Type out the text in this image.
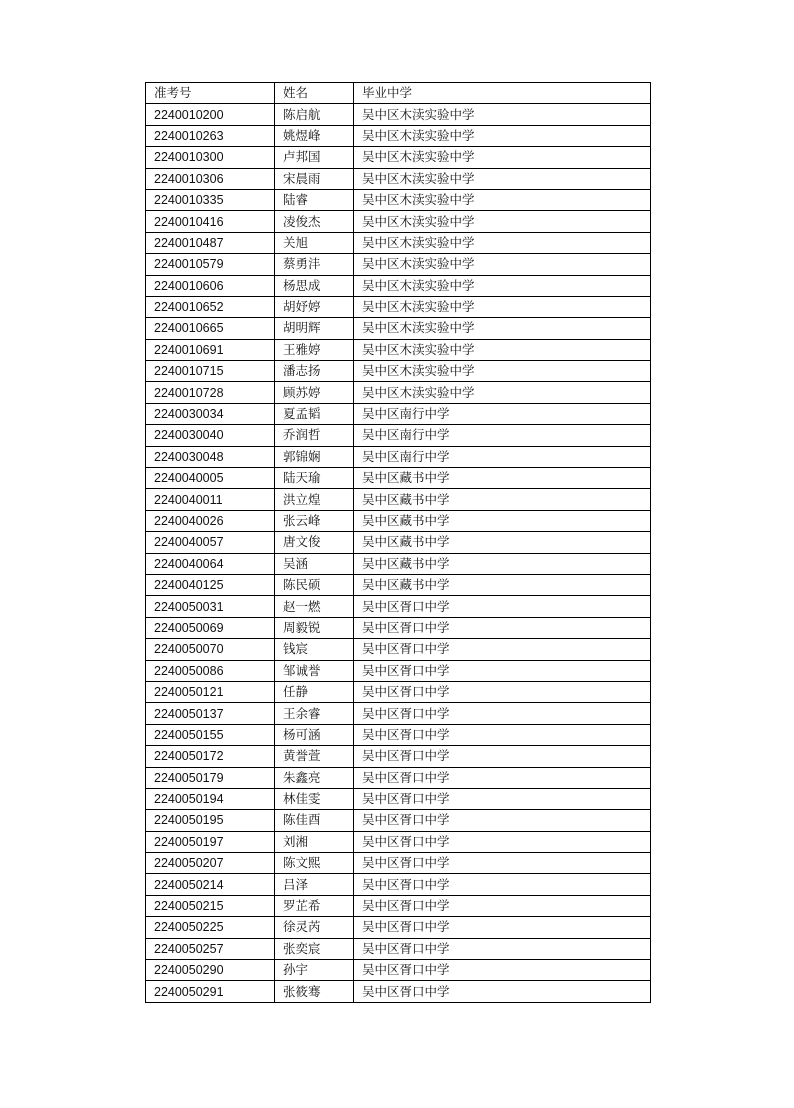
准考号	姓名	毕业中学
2240010200	陈启航	吴中区木渎实验中学
2240010263	姚煜峰	吴中区木渎实验中学
2240010300	卢邦国	吴中区木渎实验中学
2240010306	宋晨雨	吴中区木渎实验中学
2240010335	陆睿	吴中区木渎实验中学
2240010416	凌俊杰	吴中区木渎实验中学
2240010487	关旭	吴中区木渎实验中学
2240010579	蔡勇沣	吴中区木渎实验中学
2240010606	杨思成	吴中区木渎实验中学
2240010652	胡妤婷	吴中区木渎实验中学
2240010665	胡明辉	吴中区木渎实验中学
2240010691	王雅婷	吴中区木渎实验中学
2240010715	潘志扬	吴中区木渎实验中学
2240010728	顾苏婷	吴中区木渎实验中学
2240030034	夏孟韬	吴中区南行中学
2240030040	乔润哲	吴中区南行中学
2240030048	郭锦娴	吴中区南行中学
2240040005	陆天瑜	吴中区藏书中学
2240040011	洪立煌	吴中区藏书中学
2240040026	张云峰	吴中区藏书中学
2240040057	唐文俊	吴中区藏书中学
2240040064	吴涵	吴中区藏书中学
2240040125	陈民硕	吴中区藏书中学
2240050031	赵一燃	吴中区胥口中学
2240050069	周毅锐	吴中区胥口中学
2240050070	钱宸	吴中区胥口中学
2240050086	邹诚誉	吴中区胥口中学
2240050121	任静	吴中区胥口中学
2240050137	王余睿	吴中区胥口中学
2240050155	杨可涵	吴中区胥口中学
2240050172	黄誉萱	吴中区胥口中学
2240050179	朱鑫亮	吴中区胥口中学
2240050194	林佳雯	吴中区胥口中学
2240050195	陈佳酉	吴中区胥口中学
2240050197	刘湘	吴中区胥口中学
2240050207	陈文熙	吴中区胥口中学
2240050214	吕泽	吴中区胥口中学
2240050215	罗芷希	吴中区胥口中学
2240050225	徐灵芮	吴中区胥口中学
2240050257	张奕宸	吴中区胥口中学
2240050290	孙宇	吴中区胥口中学
2240050291	张筱骞	吴中区胥口中学
